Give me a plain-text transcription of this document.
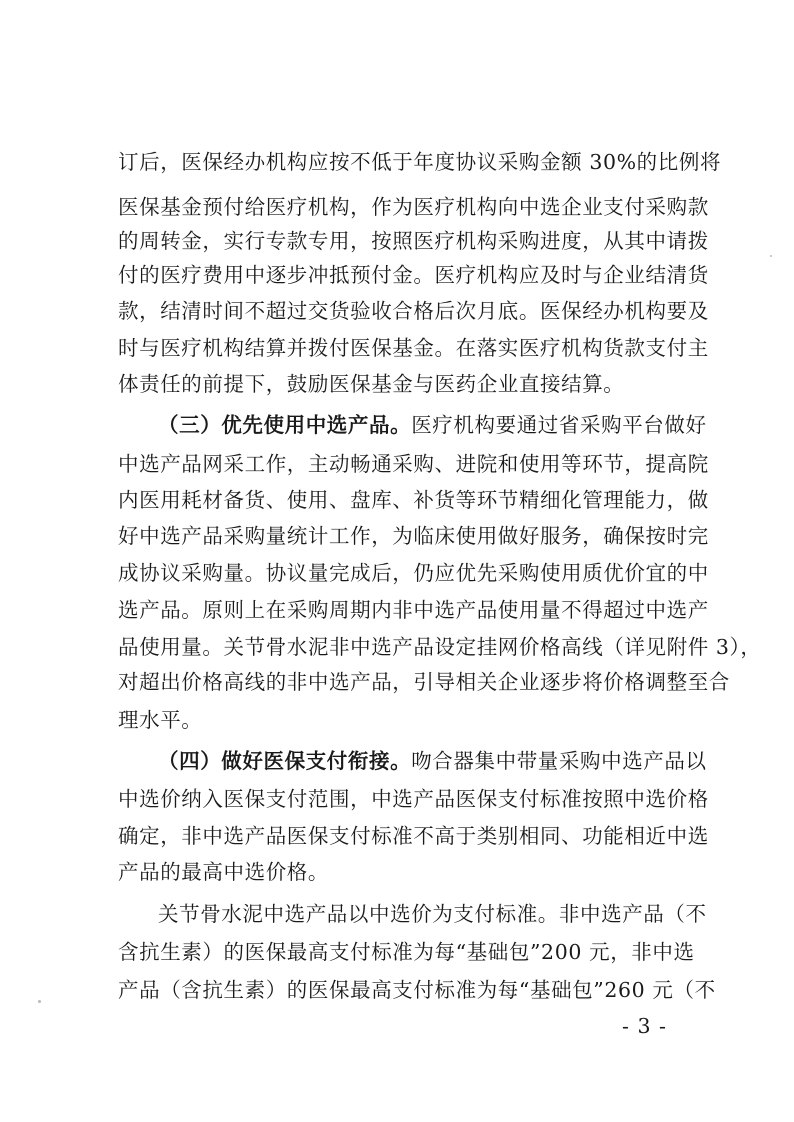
订后，医保经办机构应按不低于年度协议采购金额 30%的比例将
医保基金预付给医疗机构，作为医疗机构向中选企业支付采购款
的周转金，实行专款专用，按照医疗机构采购进度，从其中请拨
付的医疗费用中逐步冲抵预付金。医疗机构应及时与企业结清货
款，结清时间不超过交货验收合格后次月底。医保经办机构要及
时与医疗机构结算并拨付医保基金。在落实医疗机构货款支付主
体责任的前提下，鼓励医保基金与医药企业直接结算。
（三）优先使用中选产品。医疗机构要通过省采购平台做好
中选产品网采工作，主动畅通采购、进院和使用等环节，提高院
内医用耗材备货、使用、盘库、补货等环节精细化管理能力，做
好中选产品采购量统计工作，为临床使用做好服务，确保按时完
成协议采购量。协议量完成后，仍应优先采购使用质优价宜的中
选产品。原则上在采购周期内非中选产品使用量不得超过中选产
品使用量。关节骨水泥非中选产品设定挂网价格高线（详见附件 3），
对超出价格高线的非中选产品，引导相关企业逐步将价格调整至合
理水平。
（四）做好医保支付衔接。吻合器集中带量采购中选产品以
中选价纳入医保支付范围，中选产品医保支付标准按照中选价格
确定，非中选产品医保支付标准不高于类别相同、功能相近中选
产品的最高中选价格。
关节骨水泥中选产品以中选价为支付标准。非中选产品（不
含抗生素）的医保最高支付标准为每“基础包”200 元，非中选
产品（含抗生素）的医保最高支付标准为每“基础包”260 元（不
- 3 -
